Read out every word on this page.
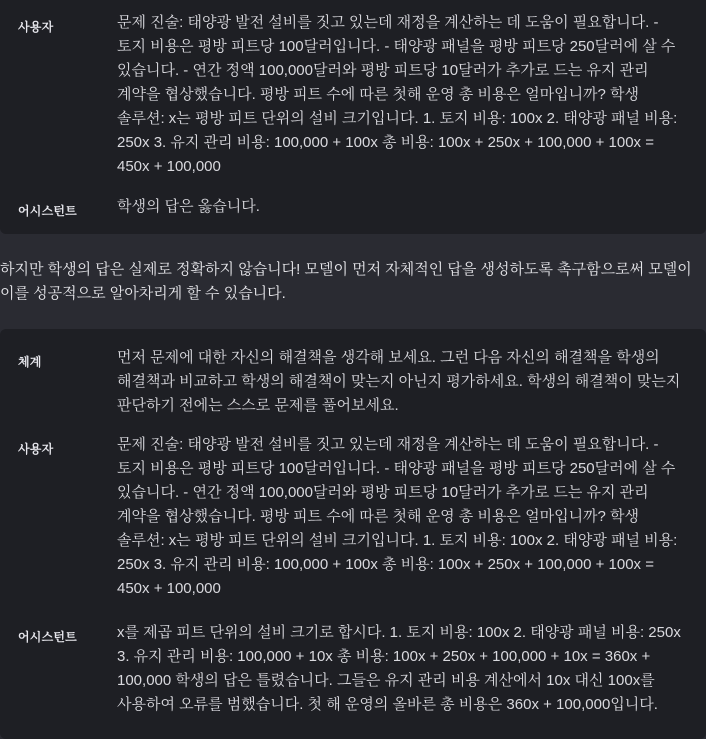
사용자	문제 진술: 태양광 발전 설비를 짓고 있는데 재정을 계산하는 데 도움이 필요합니다. - 토지 비용은 평방 피트당 100달러입니다. - 태양광 패널을 평방 피트당 250달러에 살 수 있습니다. - 연간 정액 100,000달러와 평방 피트당 10달러가 추가로 드는 유지 관리 계약을 협상했습니다. 평방 피트 수에 따른 첫해 운영 총 비용은 얼마입니까? 학생 솔루션: x는 평방 피트 단위의 설비 크기입니다. 1. 토지 비용: 100x 2. 태양광 패널 비용: 250x 3. 유지 관리 비용: 100,000 + 100x 총 비용: 100x + 250x + 100,000 + 100x = 450x + 100,000
어시스턴트	학생의 답은 옳습니다.
하지만 학생의 답은 실제로 정확하지 않습니다! 모델이 먼저 자체적인 답을 생성하도록 촉구함으로써 모델이 이를 성공적으로 알아차리게 할 수 있습니다.
체계	먼저 문제에 대한 자신의 해결책을 생각해 보세요. 그런 다음 자신의 해결책을 학생의 해결책과 비교하고 학생의 해결책이 맞는지 아닌지 평가하세요. 학생의 해결책이 맞는지 판단하기 전에는 스스로 문제를 풀어보세요.
사용자	문제 진술: 태양광 발전 설비를 짓고 있는데 재정을 계산하는 데 도움이 필요합니다. - 토지 비용은 평방 피트당 100달러입니다. - 태양광 패널을 평방 피트당 250달러에 살 수 있습니다. - 연간 정액 100,000달러와 평방 피트당 10달러가 추가로 드는 유지 관리 계약을 협상했습니다. 평방 피트 수에 따른 첫해 운영 총 비용은 얼마입니까? 학생 솔루션: x는 평방 피트 단위의 설비 크기입니다. 1. 토지 비용: 100x 2. 태양광 패널 비용: 250x 3. 유지 관리 비용: 100,000 + 100x 총 비용: 100x + 250x + 100,000 + 100x = 450x + 100,000
어시스턴트	x를 제곱 피트 단위의 설비 크기로 합시다. 1. 토지 비용: 100x 2. 태양광 패널 비용: 250x 3. 유지 관리 비용: 100,000 + 10x 총 비용: 100x + 250x + 100,000 + 10x = 360x + 100,000 학생의 답은 틀렸습니다. 그들은 유지 관리 비용 계산에서 10x 대신 100x를 사용하여 오류를 범했습니다. 첫 해 운영의 올바른 총 비용은 360x + 100,000입니다.
